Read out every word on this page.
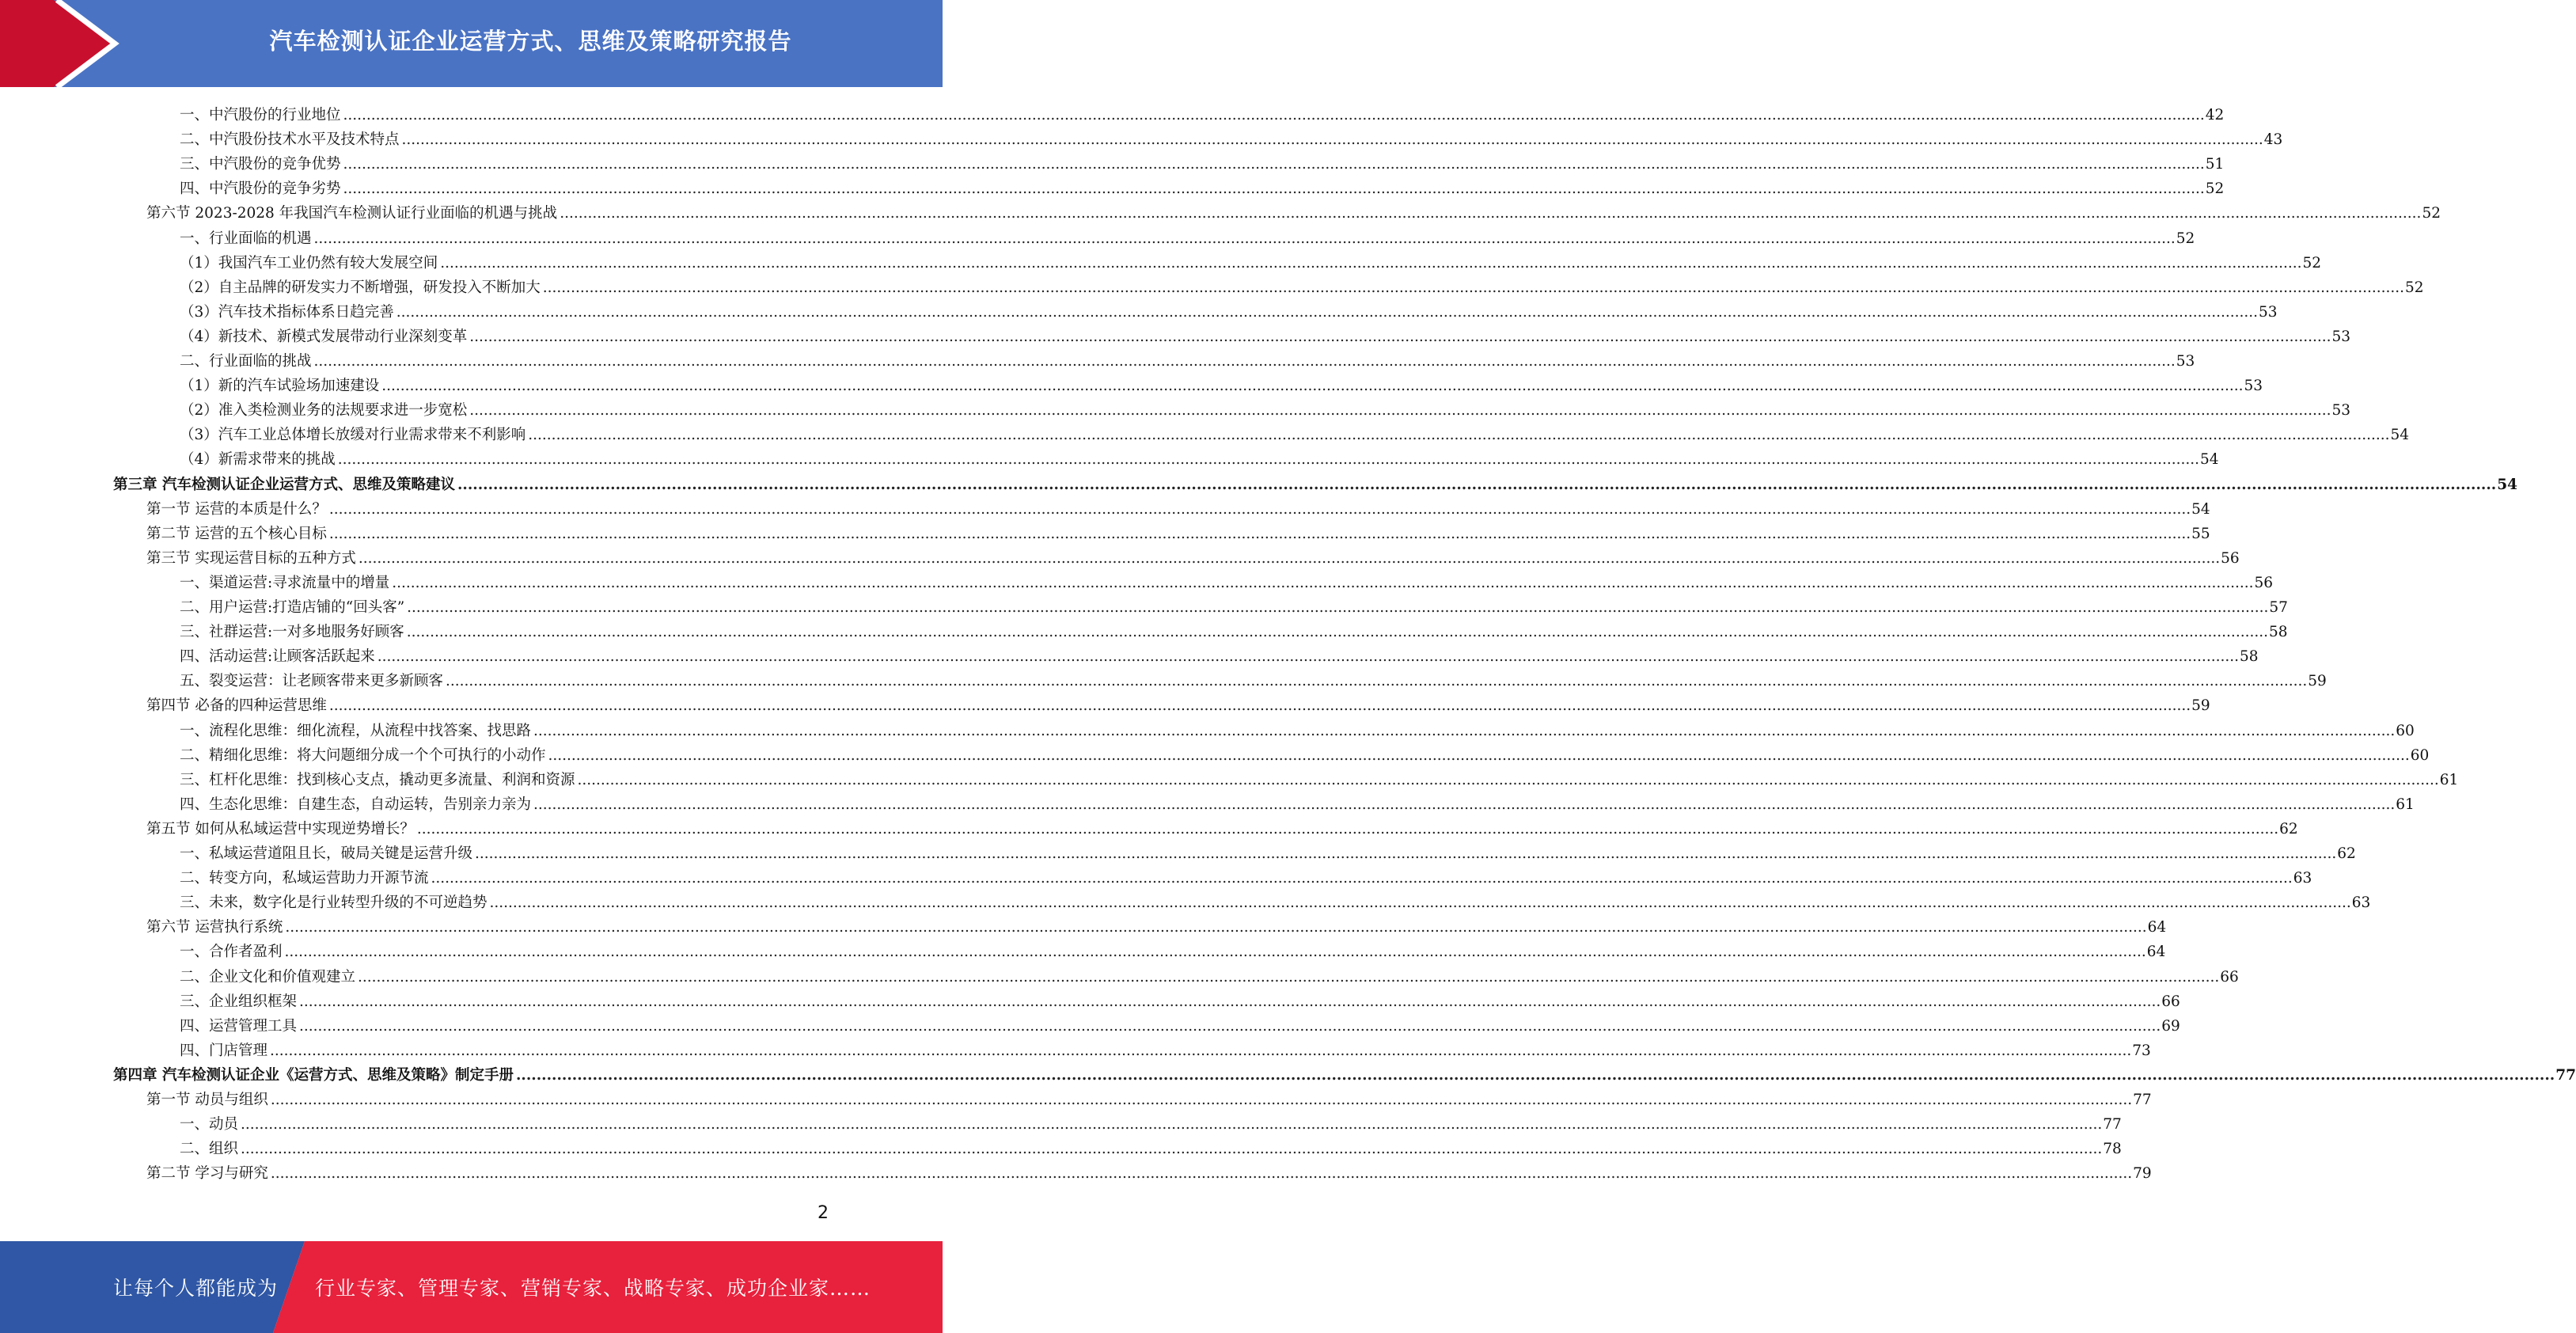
汽车检测认证企业运营方式、思维及策略研究报告
一、中汽股份的行业地位 ................................................................................................................................................................................................................................................................................................................................................................................................................ 42
二、中汽股份技术水平及技术特点 ................................................................................................................................................................................................................................................................................................................................................................................................................ 43
三、中汽股份的竞争优势 ................................................................................................................................................................................................................................................................................................................................................................................................................ 51
四、中汽股份的竞争劣势 ................................................................................................................................................................................................................................................................................................................................................................................................................ 52
第六节 2023-2028 年我国汽车检测认证行业面临的机遇与挑战 ................................................................................................................................................................................................................................................................................................................................................................................................................ 52
一、行业面临的机遇 ................................................................................................................................................................................................................................................................................................................................................................................................................ 52
（1）我国汽车工业仍然有较大发展空间 ................................................................................................................................................................................................................................................................................................................................................................................................................ 52
（2）自主品牌的研发实力不断增强，研发投入不断加大 ................................................................................................................................................................................................................................................................................................................................................................................................................ 52
（3）汽车技术指标体系日趋完善 ................................................................................................................................................................................................................................................................................................................................................................................................................ 53
（4）新技术、新模式发展带动行业深刻变革 ................................................................................................................................................................................................................................................................................................................................................................................................................ 53
二、行业面临的挑战 ................................................................................................................................................................................................................................................................................................................................................................................................................ 53
（1）新的汽车试验场加速建设 ................................................................................................................................................................................................................................................................................................................................................................................................................ 53
（2）准入类检测业务的法规要求进一步宽松 ................................................................................................................................................................................................................................................................................................................................................................................................................ 53
（3）汽车工业总体增长放缓对行业需求带来不利影响 ................................................................................................................................................................................................................................................................................................................................................................................................................ 54
（4）新需求带来的挑战 ................................................................................................................................................................................................................................................................................................................................................................................................................ 54
第三章 汽车检测认证企业运营方式、思维及策略建议 ................................................................................................................................................................................................................................................................................................................................................................................................................ 54
第一节 运营的本质是什么？ ................................................................................................................................................................................................................................................................................................................................................................................................................ 54
第二节 运营的五个核心目标 ................................................................................................................................................................................................................................................................................................................................................................................................................ 55
第三节 实现运营目标的五种方式 ................................................................................................................................................................................................................................................................................................................................................................................................................ 56
一、渠道运营:寻求流量中的增量 ................................................................................................................................................................................................................................................................................................................................................................................................................ 56
二、用户运营:打造店铺的“回头客” ................................................................................................................................................................................................................................................................................................................................................................................................................ 57
三、社群运营:一对多地服务好顾客 ................................................................................................................................................................................................................................................................................................................................................................................................................ 58
四、活动运营:让顾客活跃起来 ................................................................................................................................................................................................................................................................................................................................................................................................................ 58
五、裂变运营：让老顾客带来更多新顾客 ................................................................................................................................................................................................................................................................................................................................................................................................................ 59
第四节 必备的四种运营思维 ................................................................................................................................................................................................................................................................................................................................................................................................................ 59
一、流程化思维：细化流程，从流程中找答案、找思路 ................................................................................................................................................................................................................................................................................................................................................................................................................ 60
二、精细化思维：将大问题细分成一个个可执行的小动作 ................................................................................................................................................................................................................................................................................................................................................................................................................ 60
三、杠杆化思维：找到核心支点，撬动更多流量、利润和资源 ................................................................................................................................................................................................................................................................................................................................................................................................................ 61
四、生态化思维：自建生态，自动运转，告别亲力亲为 ................................................................................................................................................................................................................................................................................................................................................................................................................ 61
第五节 如何从私域运营中实现逆势增长？ ................................................................................................................................................................................................................................................................................................................................................................................................................ 62
一、私域运营道阻且长，破局关键是运营升级 ................................................................................................................................................................................................................................................................................................................................................................................................................ 62
二、转变方向，私域运营助力开源节流 ................................................................................................................................................................................................................................................................................................................................................................................................................ 63
三、未来，数字化是行业转型升级的不可逆趋势 ................................................................................................................................................................................................................................................................................................................................................................................................................ 63
第六节 运营执行系统 ................................................................................................................................................................................................................................................................................................................................................................................................................ 64
一、合作者盈利 ................................................................................................................................................................................................................................................................................................................................................................................................................ 64
二、企业文化和价值观建立 ................................................................................................................................................................................................................................................................................................................................................................................................................ 66
三、企业组织框架 ................................................................................................................................................................................................................................................................................................................................................................................................................ 66
四、运营管理工具 ................................................................................................................................................................................................................................................................................................................................................................................................................ 69
四、门店管理 ................................................................................................................................................................................................................................................................................................................................................................................................................ 73
第四章 汽车检测认证企业《运营方式、思维及策略》制定手册 ................................................................................................................................................................................................................................................................................................................................................................................................................ 77
第一节 动员与组织 ................................................................................................................................................................................................................................................................................................................................................................................................................ 77
一、动员 ................................................................................................................................................................................................................................................................................................................................................................................................................ 77
二、组织 ................................................................................................................................................................................................................................................................................................................................................................................................................ 78
第二节 学习与研究 ................................................................................................................................................................................................................................................................................................................................................................................................................ 79
2
让每个人都能成为 行业专家、管理专家、营销专家、战略专家、成功企业家……
